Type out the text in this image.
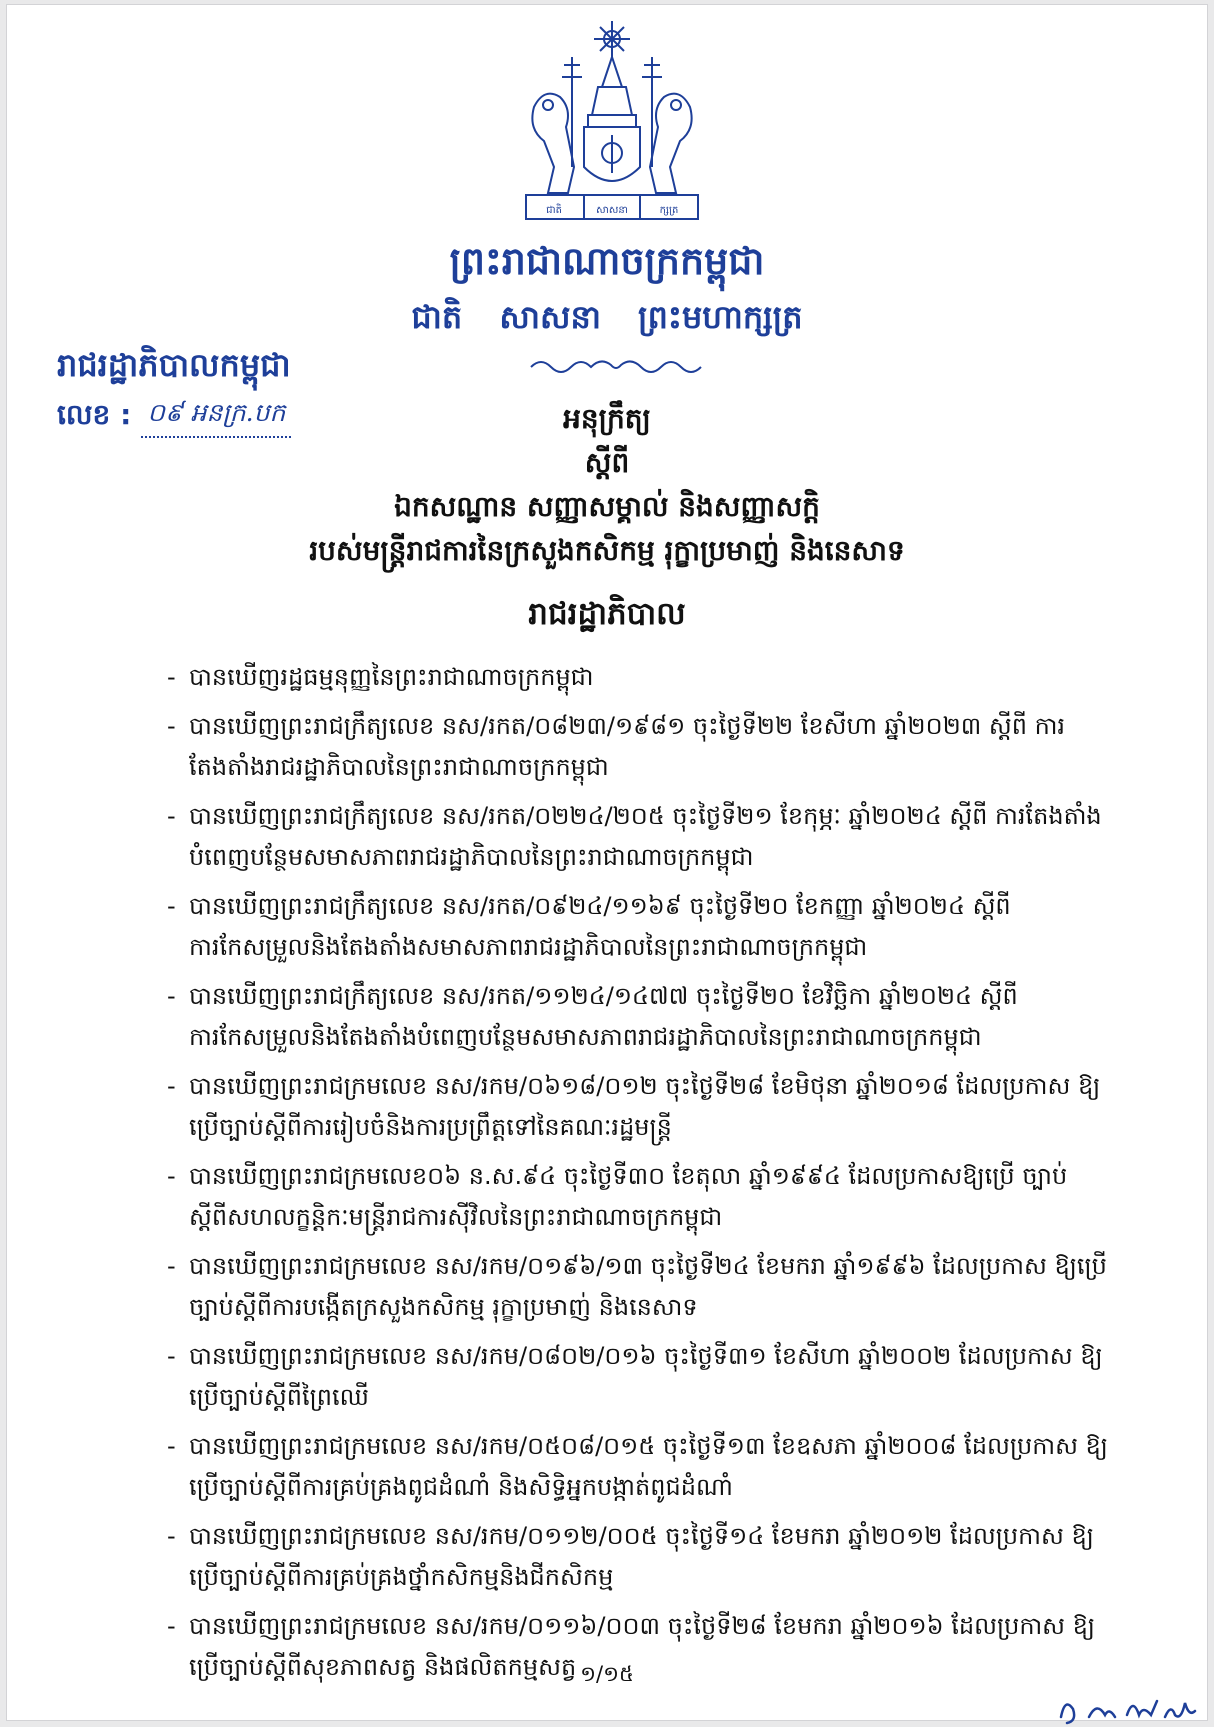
ជាតិ	សាសនា	ក្សត្រ
ព្រះរាជាណាចក្រកម្ពុជា
ជាតិ សាសនា ព្រះមហាក្សត្រ
រាជរដ្ឋាភិបាលកម្ពុជា
លេខ : ០៩ អនក្រ.បក	អនុក្រឹត្យ
ស្តីពី
ឯកសណ្ឋាន សញ្ញាសម្គាល់ និងសញ្ញាសក្តិ
របស់មន្ត្រីរាជការនៃក្រសួងកសិកម្ម រុក្ខាប្រមាញ់ និងនេសាទ
រាជរដ្ឋាភិបាល
- បានឃើញរដ្ឋធម្មនុញ្ញនៃព្រះរាជាណាចក្រកម្ពុជា
- បានឃើញព្រះរាជក្រឹត្យលេខ នស/រកត/០៨២៣/១៩៨១ ចុះថ្ងៃទី២២ ខែសីហា ឆ្នាំ២០២៣ ស្តីពី ការតែងតាំងរាជរដ្ឋាភិបាលនៃព្រះរាជាណាចក្រកម្ពុជា
- បានឃើញព្រះរាជក្រឹត្យលេខ នស/រកត/០២២៤/២០៥ ចុះថ្ងៃទី២១ ខែកុម្ភៈ ឆ្នាំ២០២៤ ស្តីពី ការតែងតាំងបំពេញបន្ថែមសមាសភាពរាជរដ្ឋាភិបាលនៃព្រះរាជាណាចក្រកម្ពុជា
- បានឃើញព្រះរាជក្រឹត្យលេខ នស/រកត/០៩២៤/១១៦៩ ចុះថ្ងៃទី២០ ខែកញ្ញា ឆ្នាំ២០២៤ ស្តីពី ការកែសម្រួលនិងតែងតាំងសមាសភាពរាជរដ្ឋាភិបាលនៃព្រះរាជាណាចក្រកម្ពុជា
- បានឃើញព្រះរាជក្រឹត្យលេខ នស/រកត/១១២៤/១៤៧៧ ចុះថ្ងៃទី២០ ខែវិច្ឆិកា ឆ្នាំ២០២៤ ស្តីពី ការកែសម្រួលនិងតែងតាំងបំពេញបន្ថែមសមាសភាពរាជរដ្ឋាភិបាលនៃព្រះរាជាណាចក្រកម្ពុជា
- បានឃើញព្រះរាជក្រមលេខ នស/រកម/០៦១៨/០១២ ចុះថ្ងៃទី២៨ ខែមិថុនា ឆ្នាំ២០១៨ ដែលប្រកាស ឱ្យប្រើច្បាប់ស្តីពីការរៀបចំនិងការប្រព្រឹត្តទៅនៃគណៈរដ្ឋមន្ត្រី
- បានឃើញព្រះរាជក្រមលេខ០៦ ន.ស.៩៤ ចុះថ្ងៃទី៣០ ខែតុលា ឆ្នាំ១៩៩៤ ដែលប្រកាសឱ្យប្រើ ច្បាប់ស្តីពីសហលក្ខន្តិកៈមន្ត្រីរាជការស៊ីវិលនៃព្រះរាជាណាចក្រកម្ពុជា
- បានឃើញព្រះរាជក្រមលេខ នស/រកម/០១៩៦/១៣ ចុះថ្ងៃទី២៤ ខែមករា ឆ្នាំ១៩៩៦ ដែលប្រកាស ឱ្យប្រើច្បាប់ស្តីពីការបង្កើតក្រសួងកសិកម្ម រុក្ខាប្រមាញ់ និងនេសាទ
- បានឃើញព្រះរាជក្រមលេខ នស/រកម/០៨០២/០១៦ ចុះថ្ងៃទី៣១ ខែសីហា ឆ្នាំ២០០២ ដែលប្រកាស ឱ្យប្រើច្បាប់ស្តីពីព្រៃឈើ
- បានឃើញព្រះរាជក្រមលេខ នស/រកម/០៥០៨/០១៥ ចុះថ្ងៃទី១៣ ខែឧសភា ឆ្នាំ២០០៨ ដែលប្រកាស ឱ្យប្រើច្បាប់ស្តីពីការគ្រប់គ្រងពូជដំណាំ និងសិទ្ធិអ្នកបង្កាត់ពូជដំណាំ
- បានឃើញព្រះរាជក្រមលេខ នស/រកម/០១១២/០០៥ ចុះថ្ងៃទី១៤ ខែមករា ឆ្នាំ២០១២ ដែលប្រកាស ឱ្យប្រើច្បាប់ស្តីពីការគ្រប់គ្រងថ្នាំកសិកម្មនិងជីកសិកម្ម
- បានឃើញព្រះរាជក្រមលេខ នស/រកម/០១១៦/០០៣ ចុះថ្ងៃទី២៨ ខែមករា ឆ្នាំ២០១៦ ដែលប្រកាស ឱ្យប្រើច្បាប់ស្តីពីសុខភាពសត្វ និងផលិតកម្មសត្វ ១/១៥
